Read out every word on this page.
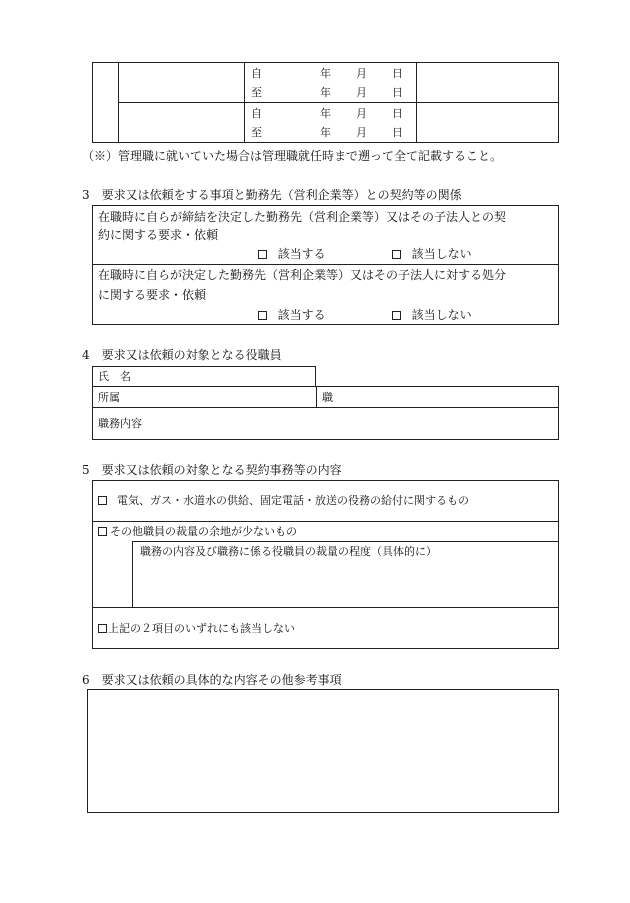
自	年 月 日
至	年 月 日
自	年 月 日
至	年 月 日
（※）管理職に就いていた場合は管理職就任時まで遡って全て記載すること。
3　要求又は依頼をする事項と勤務先（営利企業等）との契約等の関係
在職時に自らが締結を決定した勤務先（営利企業等）又はその子法人との契
約に関する要求・依頼
該当する	該当しない
在職時に自らが決定した勤務先（営利企業等）又はその子法人に対する処分
に関する要求・依頼
該当する	該当しない
4　要求又は依頼の対象となる役職員
氏　名
所属	職
職務内容
5　要求又は依頼の対象となる契約事務等の内容
電気、ガス・水道水の供給、固定電話・放送の役務の給付に関するもの
その他職員の裁量の余地が少ないもの
職務の内容及び職務に係る役職員の裁量の程度（具体的に）
上記の２項目のいずれにも該当しない
6　要求又は依頼の具体的な内容その他参考事項
